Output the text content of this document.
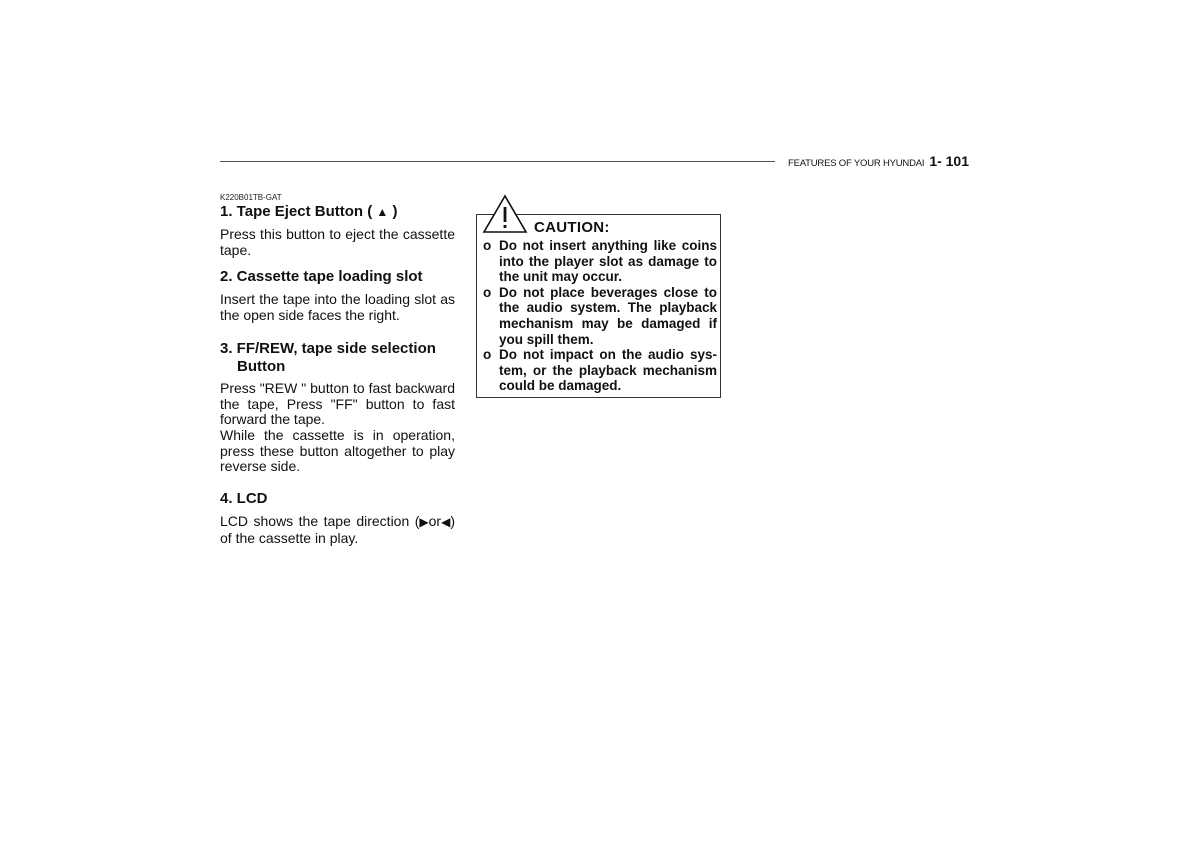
FEATURES OF YOUR HYUNDAI 1- 101

K220B01TB-GAT

1. Tape Eject Button ( ▲ )

Press this button to eject the cassette tape.

2. Cassette tape loading slot

Insert the tape into the loading slot as the open side faces the right.

3. FF/REW, tape side selection Button

Press "REW " button to fast backward the tape, Press "FF" button to fast forward the tape.

While the cassette is in operation, press these button altogether to play reverse side.

4. LCD

LCD shows the tape direction (▶or◀) of the cassette in play.

CAUTION:
o Do not insert anything like coins into the player slot as damage to the unit may occur.
o Do not place beverages close to the audio system. The playback mechanism may be damaged if you spill them.
o Do not impact on the audio sys- tem, or the playback mechanism could be damaged.
